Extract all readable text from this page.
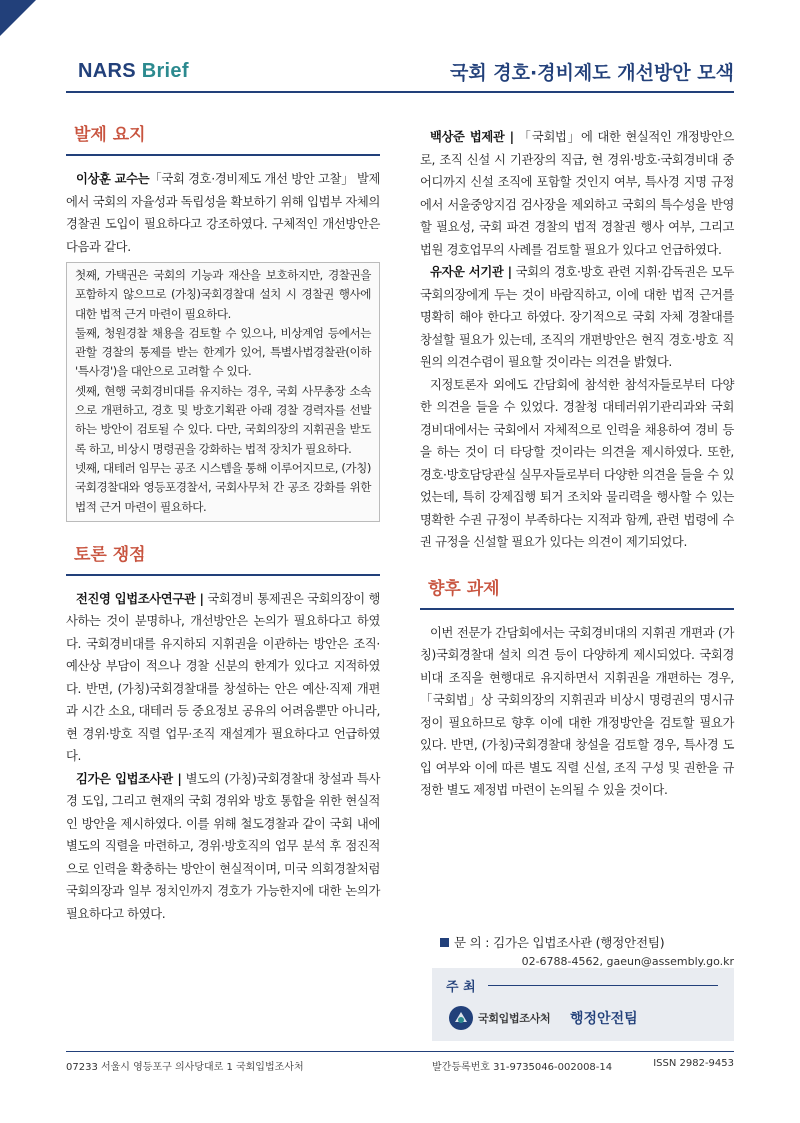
NARS Brief	국회 경호·경비제도 개선방안 모색
발제 요지

이상훈 교수는「국회 경호·경비제도 개선 방안 고찰」 발제에서 국회의 자율성과 독립성을 확보하기 위해 입법부 자체의 경찰권 도입이 필요하다고 강조하였다. 구체적인 개선방안은 다음과 같다.

첫째, 가택권은 국회의 기능과 재산을 보호하지만, 경찰권을 포함하지 않으므로 (가칭)국회경찰대 설치 시 경찰권 행사에 대한 법적 근거 마련이 필요하다.

둘째, 청원경찰 채용을 검토할 수 있으나, 비상계엄 등에서는 관할 경찰의 통제를 받는 한계가 있어, 특별사법경찰관(이하 '특사경')을 대안으로 고려할 수 있다.

셋째, 현행 국회경비대를 유지하는 경우, 국회 사무총장 소속으로 개편하고, 경호 및 방호기획관 아래 경찰 경력자를 선발하는 방안이 검토될 수 있다. 다만, 국회의장의 지휘권을 받도록 하고, 비상시 명령권을 강화하는 법적 장치가 필요하다.

넷째, 대테러 임무는 공조 시스템을 통해 이루어지므로, (가칭)국회경찰대와 영등포경찰서, 국회사무처 간 공조 강화를 위한 법적 근거 마련이 필요하다.

토론 쟁점

전진영 입법조사연구관 | 국회경비 통제권은 국회의장이 행사하는 것이 분명하나, 개선방안은 논의가 필요하다고 하였다. 국회경비대를 유지하되 지휘권을 이관하는 방안은 조직·예산상 부담이 적으나 경찰 신분의 한계가 있다고 지적하였다. 반면, (가칭)국회경찰대를 창설하는 안은 예산·직제 개편과 시간 소요, 대테러 등 중요정보 공유의 어려움뿐만 아니라, 현 경위·방호 직렬 업무·조직 재설계가 필요하다고 언급하였다.

김가은 입법조사관 | 별도의 (가칭)국회경찰대 창설과 특사경 도입, 그리고 현재의 국회 경위와 방호 통합을 위한 현실적인 방안을 제시하였다. 이를 위해 철도경찰과 같이 국회 내에 별도의 직렬을 마련하고, 경위·방호직의 업무 분석 후 점진적으로 인력을 확충하는 방안이 현실적이며, 미국 의회경찰처럼 국회의장과 일부 정치인까지 경호가 가능한지에 대한 논의가 필요하다고 하였다.

백상준 법제관 | 「국회법」에 대한 현실적인 개정방안으로, 조직 신설 시 기관장의 직급, 현 경위·방호·국회경비대 중 어디까지 신설 조직에 포함할 것인지 여부, 특사경 지명 규정에서 서울중앙지검 검사장을 제외하고 국회의 특수성을 반영할 필요성, 국회 파견 경찰의 법적 경찰권 행사 여부, 그리고 법원 경호업무의 사례를 검토할 필요가 있다고 언급하였다.

유자운 서기관 | 국회의 경호·방호 관련 지휘·감독권은 모두 국회의장에게 두는 것이 바람직하고, 이에 대한 법적 근거를 명확히 해야 한다고 하였다. 장기적으로 국회 자체 경찰대를 창설할 필요가 있는데, 조직의 개편방안은 현직 경호·방호 직원의 의견수렴이 필요할 것이라는 의견을 밝혔다.

지정토론자 외에도 간담회에 참석한 참석자들로부터 다양한 의견을 들을 수 있었다. 경찰청 대테러위기관리과와 국회경비대에서는 국회에서 자체적으로 인력을 채용하여 경비 등을 하는 것이 더 타당할 것이라는 의견을 제시하였다. 또한, 경호·방호담당관실 실무자들로부터 다양한 의견을 들을 수 있었는데, 특히 강제집행 퇴거 조치와 물리력을 행사할 수 있는 명확한 수권 규정이 부족하다는 지적과 함께, 관련 법령에 수권 규정을 신설할 필요가 있다는 의견이 제기되었다.

향후 과제

이번 전문가 간담회에서는 국회경비대의 지휘권 개편과 (가칭)국회경찰대 설치 의견 등이 다양하게 제시되었다. 국회경비대 조직을 현행대로 유지하면서 지휘권을 개편하는 경우, 「국회법」상 국회의장의 지휘권과 비상시 명령권의 명시규정이 필요하므로 향후 이에 대한 개정방안을 검토할 필요가 있다. 반면, (가칭)국회경찰대 창설을 검토할 경우, 특사경 도입 여부와 이에 따른 별도 직렬 신설, 조직 구성 및 권한을 규정한 별도 제정법 마련이 논의될 수 있을 것이다.

문 의 : 김가은 입법조사관 (행정안전팀)
02-6788-4562, gaeun@assembly.go.kr
주 최
국회입법조사처 행정안전팀
07233 서울시 영등포구 의사당대로 1 국회입법조사처	발간등록번호 31-9735046-002008-14	ISSN 2982-9453
